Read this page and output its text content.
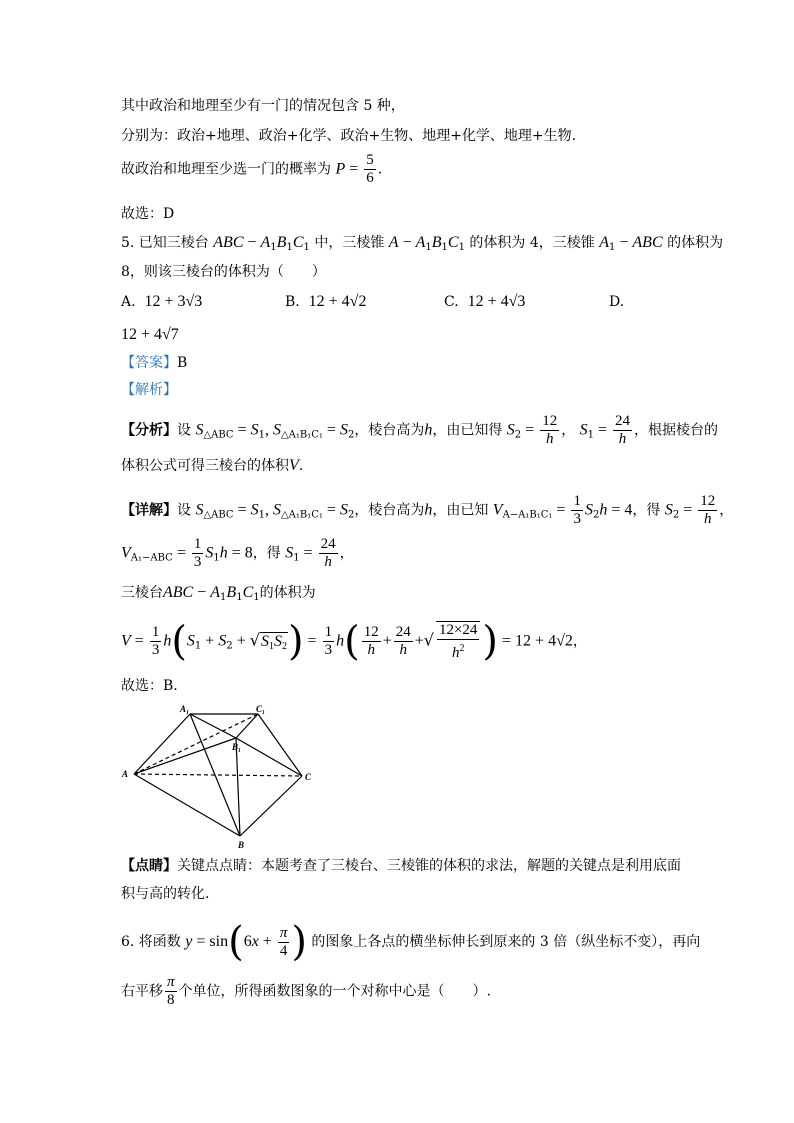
其中政治和地理至少有一门的情况包含 5 种，
分别为：政治+地理、政治+化学、政治+生物、地理+化学、地理+生物.
故政治和地理至少选一门的概率为 $P = \frac{5}{6}$ .
故选：D
5. 已知三棱台 ABC − $A_1B_1C_1$ 中，三棱锥 $A - A_1B_1C_1$ 的体积为 4，三棱锥 $A_1$ − ABC 的体积为
8，则该三棱台的体积为（　　）
A. 12 + 3√3	B. 12 + 4√2	C. 12 + 4√3	D.
12 + 4√7
【答案】B
【解析】
【分析】设 $S_{\triangle ABC} = S_1$, $S_{\triangle A_1B_1C_1} = S_2$，棱台高为h，由已知得 $S_2 = \frac{12}{h}$ ， $S_1 = \frac{24}{h}$ ，根据棱台的
体积公式可得三棱台的体积V.
【详解】设 $S_{\triangle ABC} = S_1$, $S_{\triangle A_1B_1C_1} = S_2$，棱台高为h，由已知 $V_{A-A_1B_1C_1} = \frac{1}{3} S_2h = 4$，得 $S_2 = \frac{12}{h}$ ，
$V_{A_1-ABC} = \frac{1}{3} S_1h = 8$，得 $S_1 = \frac{24}{h}$ ，
三棱台ABC − $A_1B_1C_1$的体积为
$V = \frac{1}{3} h(S_1 + S_2 + √S_1S_2) = \frac{1}{3} h( \frac{12}{h} + \frac{24}{h}$ +√ $\frac{12\times 24}{h^2}$ ) = 12 + 4√2，
故选：B.
A₁	C₁
B₁
A	C
B
【点睛】关键点点睛：本题考查了三棱台、三棱锥的体积的求法，解题的关键点是利用底面
积与高的转化.
6. 将函数 $y = \sin(6x + \frac{\pi}{4}$ ) 的图象上各点的横坐标伸长到原来的 3 倍（纵坐标不变），再向
右平移 $\frac{\pi}{8}$ 个单位，所得函数图象的一个对称中心是（　　）.
